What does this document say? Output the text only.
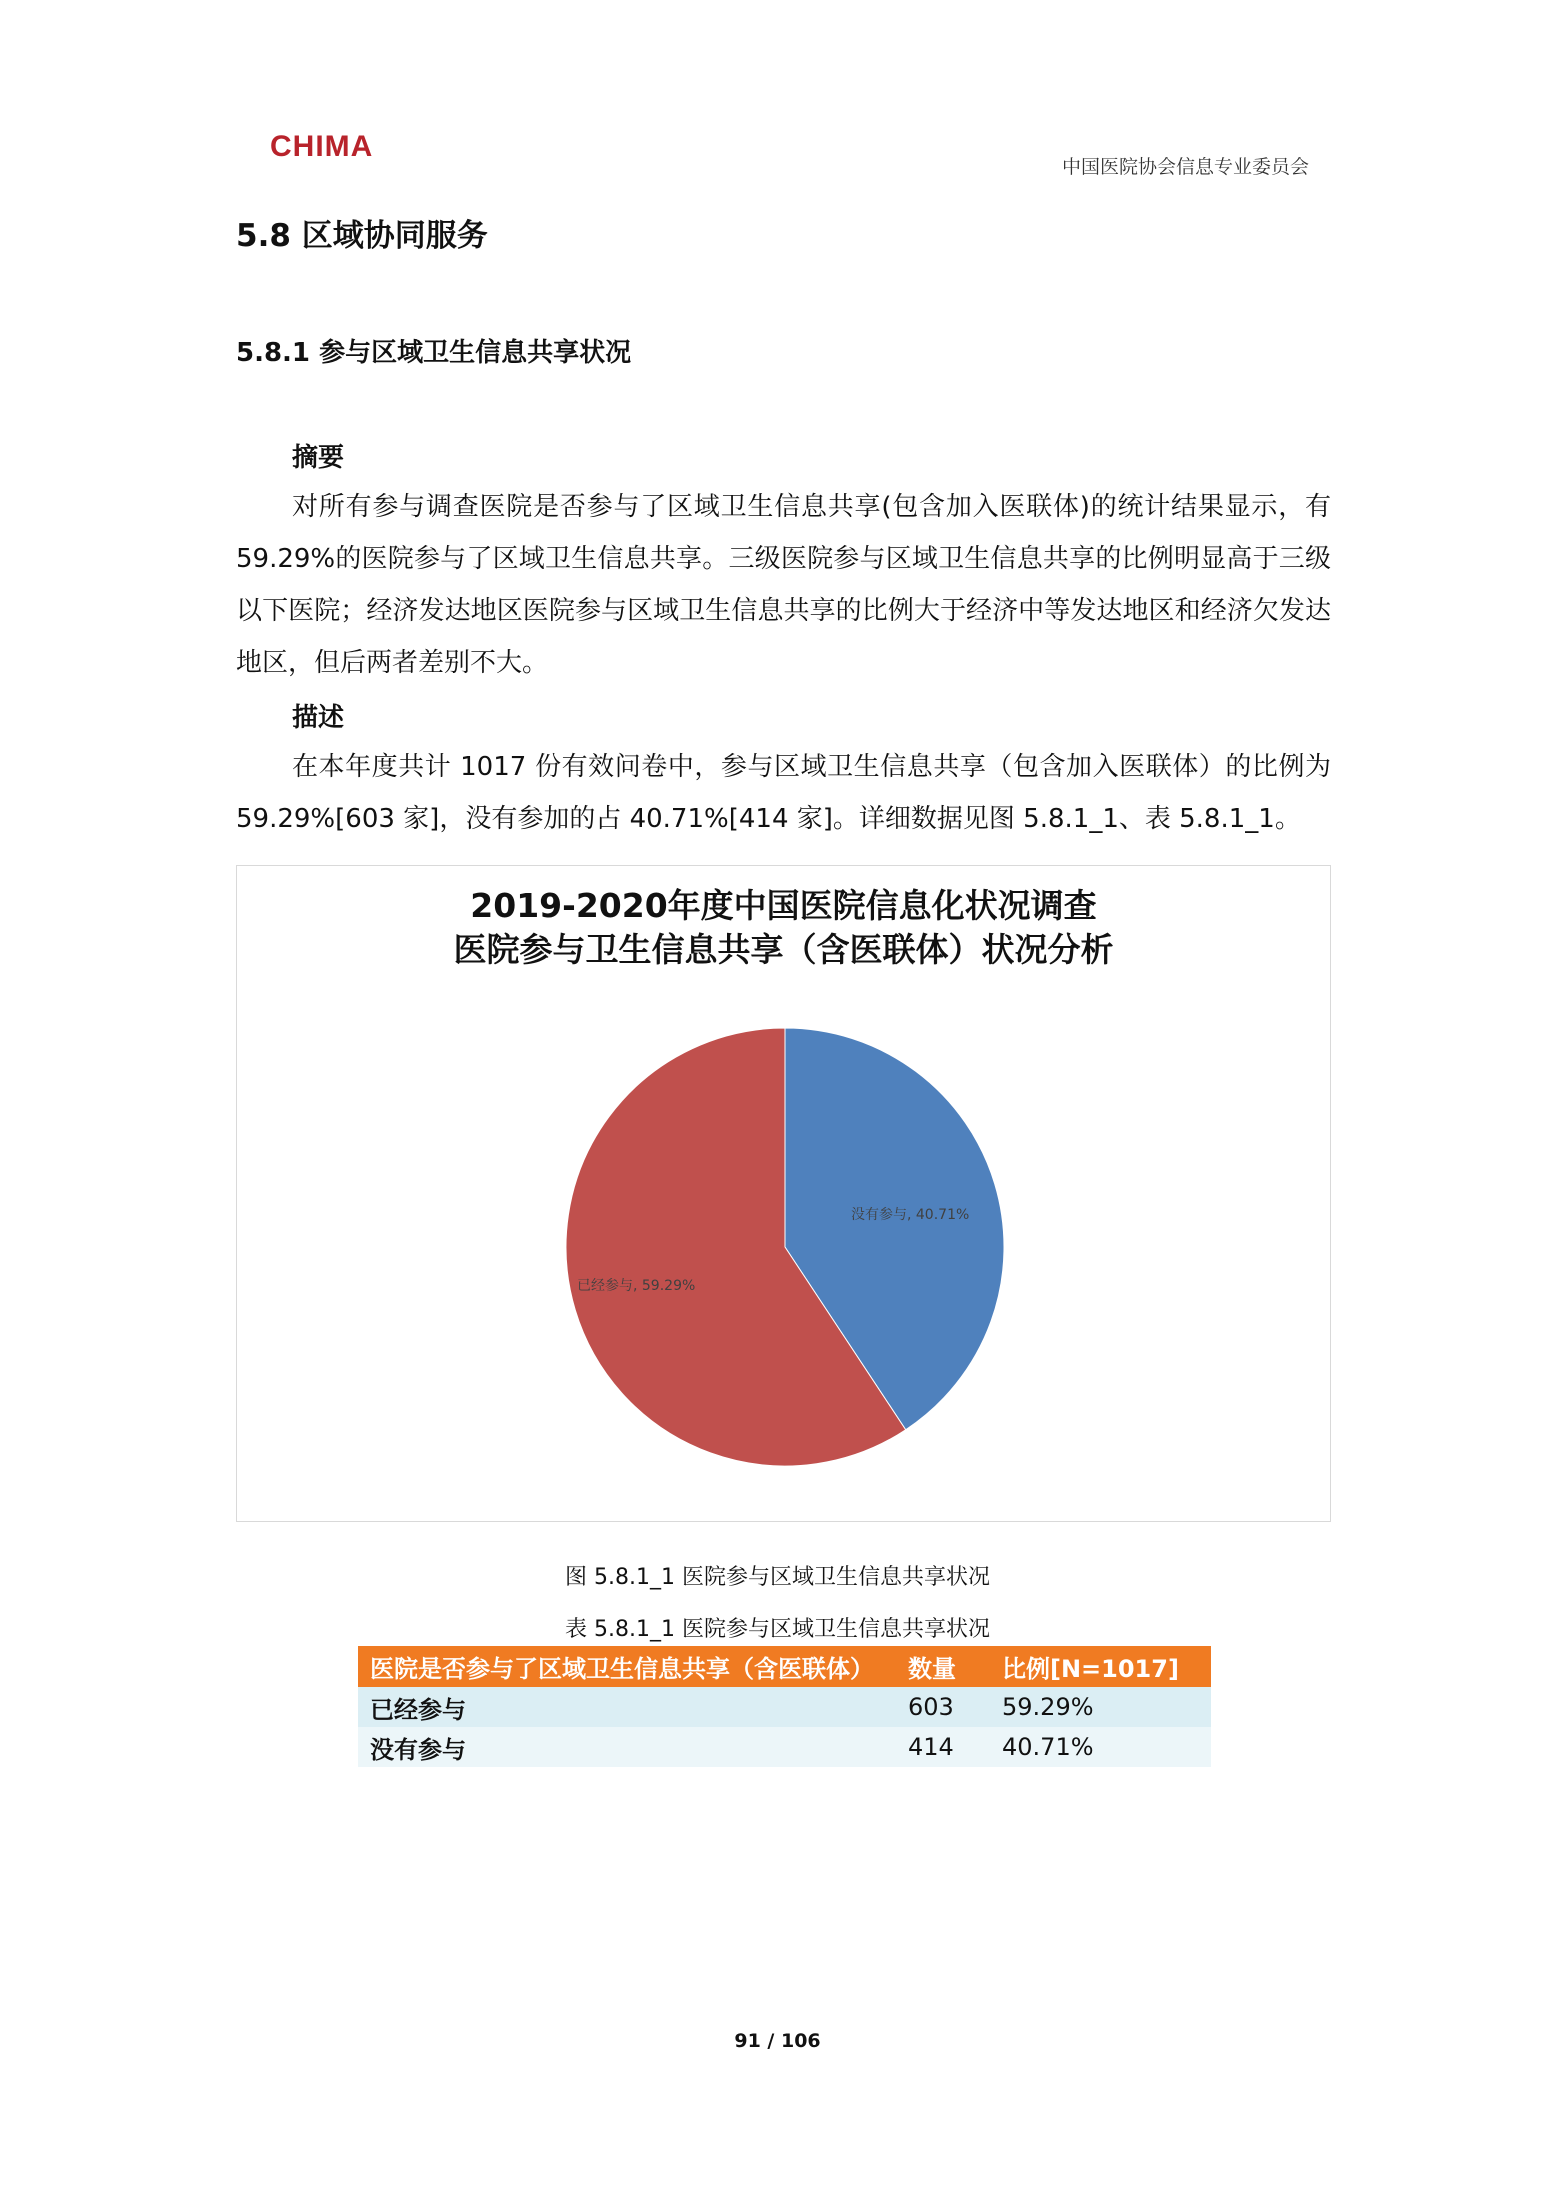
CHIMA
中国医院协会信息专业委员会
5.8 区域协同服务
5.8.1 参与区域卫生信息共享状况
摘要
对所有参与调查医院是否参与了区域卫生信息共享(包含加入医联体)的统计结果显示，有 59.29%的医院参与了区域卫生信息共享。三级医院参与区域卫生信息共享的比例明显高于三级以下医院；经济发达地区医院参与区域卫生信息共享的比例大于经济中等发达地区和经济欠发达地区，但后两者差别不大。
描述
在本年度共计 1017 份有效问卷中，参与区域卫生信息共享（包含加入医联体）的比例为 59.29%[603 家]，没有参加的占 40.71%[414 家]。详细数据见图 5.8.1_1、表 5.8.1_1。
2019-2020年度中国医院信息化状况调查
医院参与卫生信息共享（含医联体）状况分析
没有参与, 40.71%
已经参与, 59.29%
图 5.8.1_1 医院参与区域卫生信息共享状况
表 5.8.1_1 医院参与区域卫生信息共享状况
医院是否参与了区域卫生信息共享（含医联体）	数量	比例[N=1017]
已经参与	603	59.29%
没有参与	414	40.71%
91 / 106
